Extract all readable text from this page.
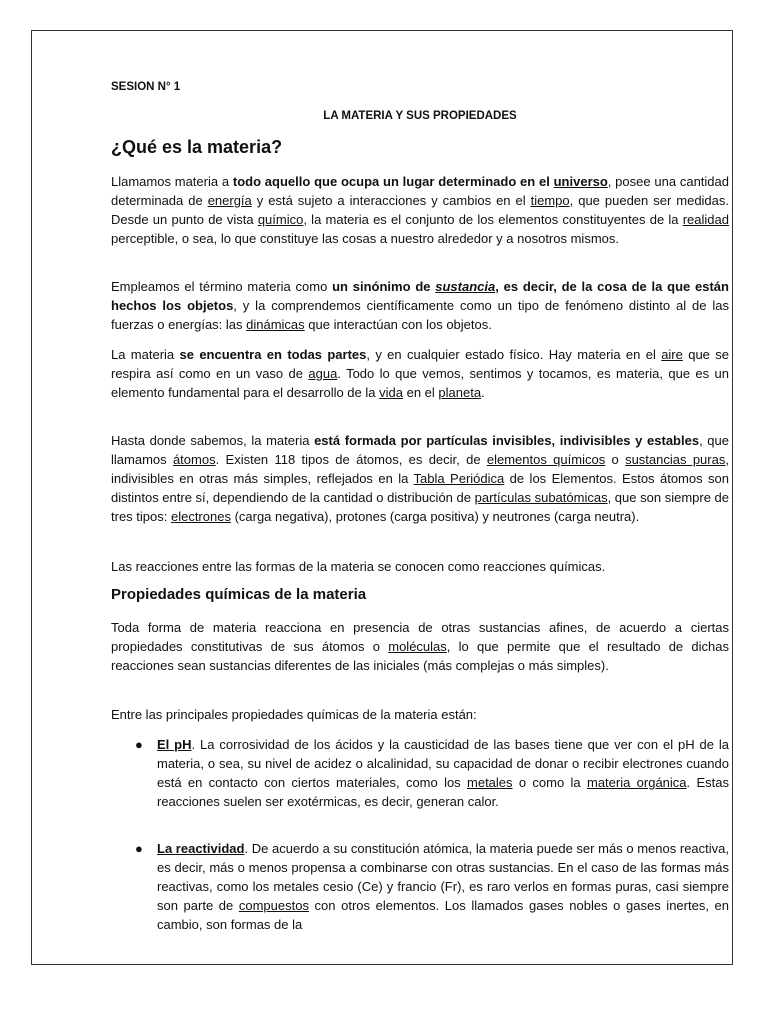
SESION N° 1
LA MATERIA Y SUS PROPIEDADES
¿Qué es la materia?

Llamamos materia a todo aquello que ocupa un lugar determinado en el universo, posee una cantidad determinada de energía y está sujeto a interacciones y cambios en el tiempo, que pueden ser medidas. Desde un punto de vista químico, la materia es el conjunto de los elementos constituyentes de la realidad perceptible, o sea, lo que constituye las cosas a nuestro alrededor y a nosotros mismos.

Empleamos el término materia como un sinónimo de sustancia, es decir, de la cosa de la que están hechos los objetos, y la comprendemos científicamente como un tipo de fenómeno distinto al de las fuerzas o energías: las dinámicas que interactúan con los objetos.

La materia se encuentra en todas partes, y en cualquier estado físico. Hay materia en el aire que se respira así como en un vaso de agua. Todo lo que vemos, sentimos y tocamos, es materia, que es un elemento fundamental para el desarrollo de la vida en el planeta.

Hasta donde sabemos, la materia está formada por partículas invisibles, indivisibles y estables, que llamamos átomos. Existen 118 tipos de átomos, es decir, de elementos químicos o sustancias puras, indivisibles en otras más simples, reflejados en la Tabla Periódica de los Elementos. Estos átomos son distintos entre sí, dependiendo de la cantidad o distribución de partículas subatómicas, que son siempre de tres tipos: electrones (carga negativa), protones (carga positiva) y neutrones (carga neutra).

Las reacciones entre las formas de la materia se conocen como reacciones químicas.

Propiedades químicas de la materia

Toda forma de materia reacciona en presencia de otras sustancias afines, de acuerdo a ciertas propiedades constitutivas de sus átomos o moléculas, lo que permite que el resultado de dichas reacciones sean sustancias diferentes de las iniciales (más complejas o más simples).

Entre las principales propiedades químicas de la materia están:

● El pH. La corrosividad de los ácidos y la causticidad de las bases tiene que ver con el pH de la materia, o sea, su nivel de acidez o alcalinidad, su capacidad de donar o recibir electrones cuando está en contacto con ciertos materiales, como los metales o como la materia orgánica. Estas reacciones suelen ser exotérmicas, es decir, generan calor.

● La reactividad. De acuerdo a su constitución atómica, la materia puede ser más o menos reactiva, es decir, más o menos propensa a combinarse con otras sustancias. En el caso de las formas más reactivas, como los metales cesio (Ce) y francio (Fr), es raro verlos en formas puras, casi siempre son parte de compuestos con otros elementos. Los llamados gases nobles o gases inertes, en cambio, son formas de la
